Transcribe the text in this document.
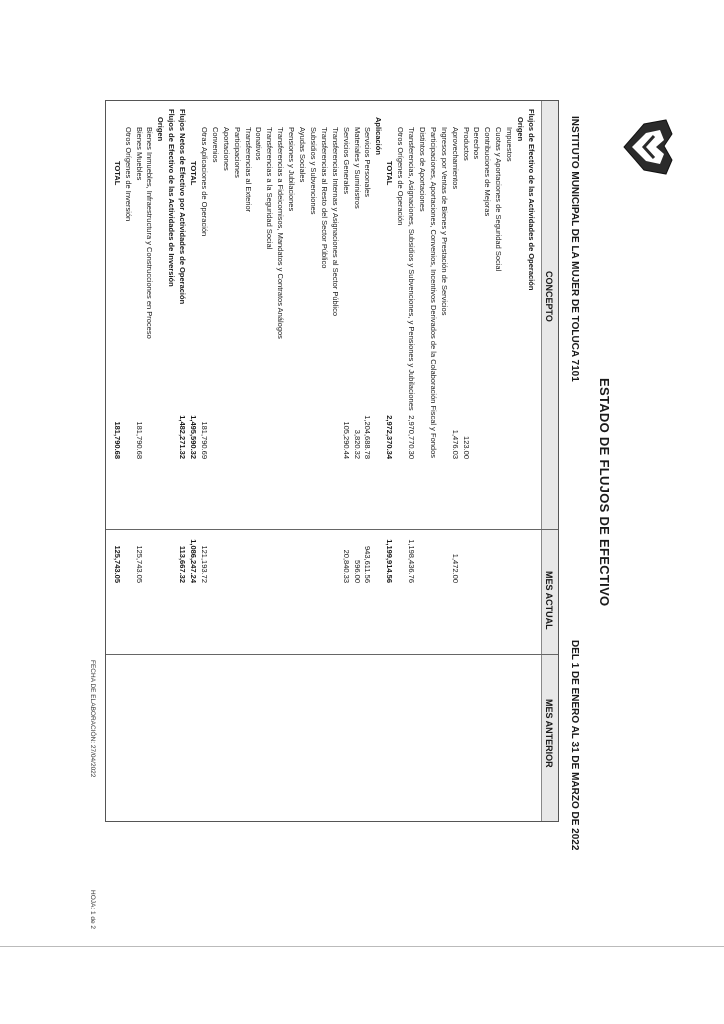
ESTADO DE FLUJOS DE EFECTIVO
INSTITUTO MUNICIPAL DE LA MUJER DE TOLUCA 7101
DEL 1 DE ENERO AL 31 DE MARZO DE 2022
CONCEPTO
MES ACTUAL
MES ANTERIOR
Flujos de Efectivo de las Actividades de Operación
Origen
Impuestos
Cuotas y Aportaciones de Seguridad Social
Contribuciones de Mejoras
Derechos
Productos
123.00
Aprovechamientos
1,476.03
1,472.00
Ingresos por Ventas de Bienes y Prestación de Servicios
Participaciones, Aportaciones, Convenios, Incentivos Derivados de la Colaboración Fiscal y Fondos
Distintos de Aportaciones
Transferencias, Asignaciones, Subsidios y Subvenciones, y Pensiones y Jubilaciones
2,970,770.30
1,198,436.76
Otros Orígenes de Operación
TOTAL
2,972,370.34
1,199,914.56
Aplicación
Servicios Personales
1,204,688.78
943,611.56
Materiales y Suministros
3,820.32
596.00
Servicios Generales
105,290.44
20,840.33
Transferencias Internas y Asignaciones al Sector Público
Transferencias al Resto del Sector Público
Subsidios y Subvenciones
Ayudas Sociales
Pensiones y Jubilaciones
Transferencias a Fideicomisos, Mandatos y Contratos Análogos
Transferencias a la Seguridad Social
Donativos
Transferencias al Exterior
Participaciones
Aportaciones
Convenios
Otras Aplicaciones de Operación
181,790.69
121,193.72
TOTAL
1,495,590.32
1,086,247.24
Flujos Netos de Efectivo por Actividades de Operación
1,482,271.32
113,667.32
Flujos de Efectivo de las Actividades de Inversión
Origen
Bienes Inmuebles, Infraestructura y Construcciones en Proceso
Bienes Muebles
181,790.68
125,743.05
Otros Orígenes de Inversión
TOTAL
181,790.68
125,743.05
FECHA DE ELABORACIÓN: 27/04/2022
HOJA: 1 de 2
